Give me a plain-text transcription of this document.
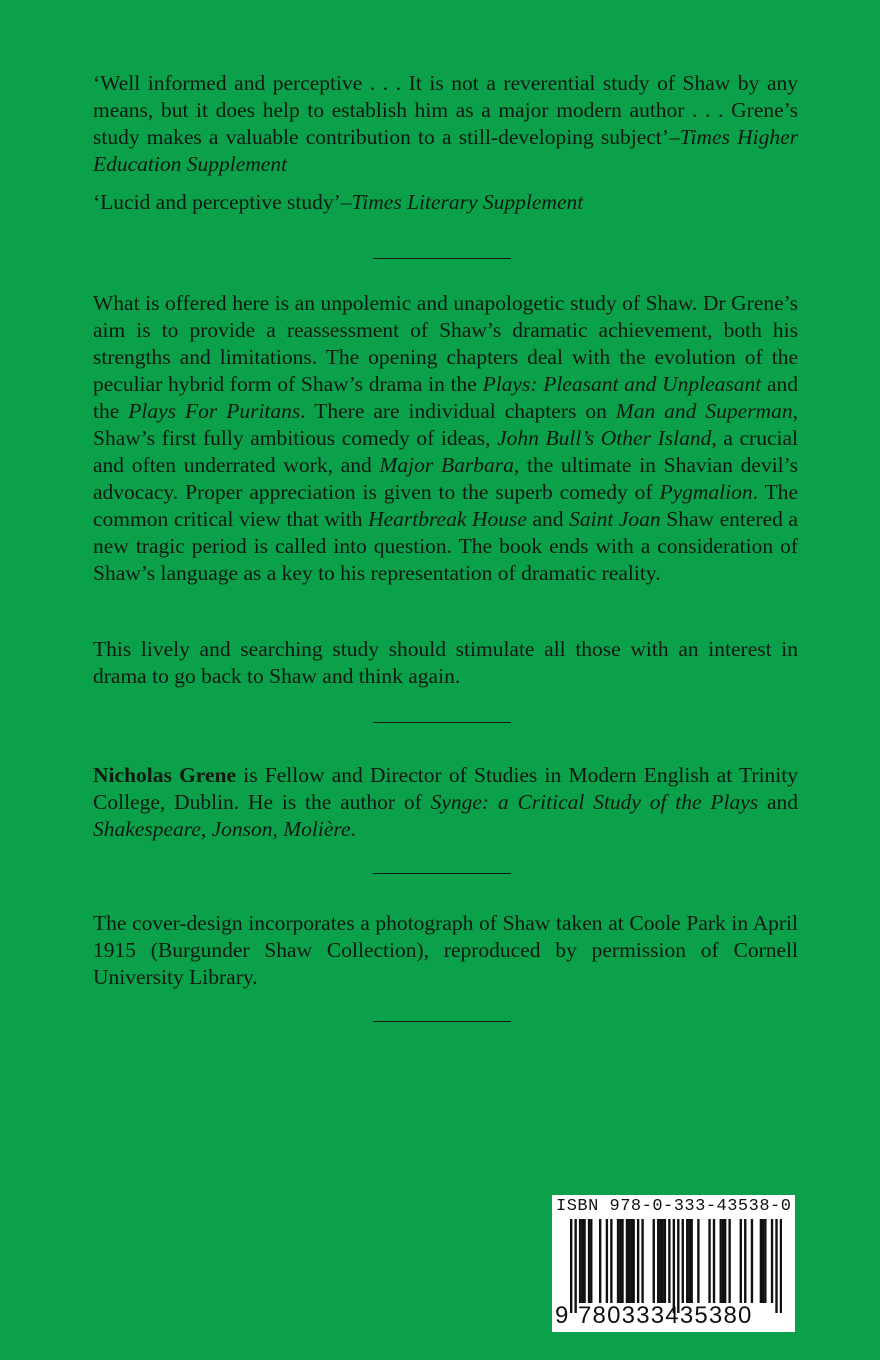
‘Well informed and perceptive . . . It is not a reverential study of Shaw by any means, but it does help to establish him as a major modern author . . . Grene’s study makes a valuable contribution to a still-developing subject’–Times Higher Education Supplement

‘Lucid and perceptive study’–Times Literary Supplement

What is offered here is an unpolemic and unapologetic study of Shaw. Dr Grene’s aim is to provide a reassessment of Shaw’s dramatic achievement, both his strengths and limitations. The opening chapters deal with the evolution of the peculiar hybrid form of Shaw’s drama in the Plays: Pleasant and Unpleasant and the Plays For Puritans. There are individual chapters on Man and Superman, Shaw’s first fully ambitious comedy of ideas, John Bull’s Other Island, a crucial and often underrated work, and Major Barbara, the ultimate in Shavian devil’s advocacy. Proper appreciation is given to the superb comedy of Pygmalion. The common critical view that with Heartbreak House and Saint Joan Shaw entered a new tragic period is called into question. The book ends with a consideration of Shaw’s language as a key to his representation of dramatic reality.

This lively and searching study should stimulate all those with an interest in drama to go back to Shaw and think again.

Nicholas Grene is Fellow and Director of Studies in Modern English at Trinity College, Dublin. He is the author of Synge: a Critical Study of the Plays and Shakespeare, Jonson, Molière.

The cover-design incorporates a photograph of Shaw taken at Coole Park in April 1915 (Burgunder Shaw Collection), reproduced by permission of Cornell University Library.

ISBN 978-0-333-43538-0
9 780333435380
